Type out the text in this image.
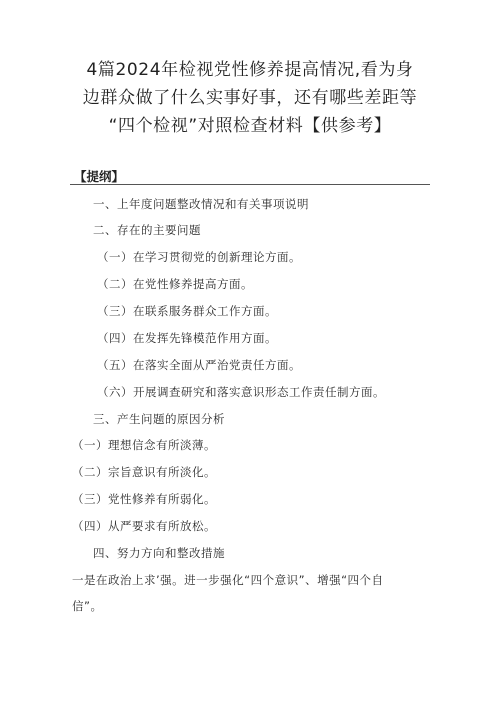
4篇2024年检视党性修养提高情况,看为身
边群众做了什么实事好事，还有哪些差距等
“四个检视”对照检查材料【供参考】
【提纲】
一、上年度问题整改情况和有关事项说明
二、存在的主要问题
（一）在学习贯彻党的创新理论方面。
（二）在党性修养提高方面。
（三）在联系服务群众工作方面。
（四）在发挥先锋模范作用方面。
（五）在落实全面从严治党责任方面。
（六）开展调查研究和落实意识形态工作责任制方面。
三、产生问题的原因分析
（一）理想信念有所淡薄。
（二）宗旨意识有所淡化。
（三）党性修养有所弱化。
（四）从严要求有所放松。
四、努力方向和整改措施
一是在政治上求’强。进一步强化“四个意识”、增强“四个自
信”。
